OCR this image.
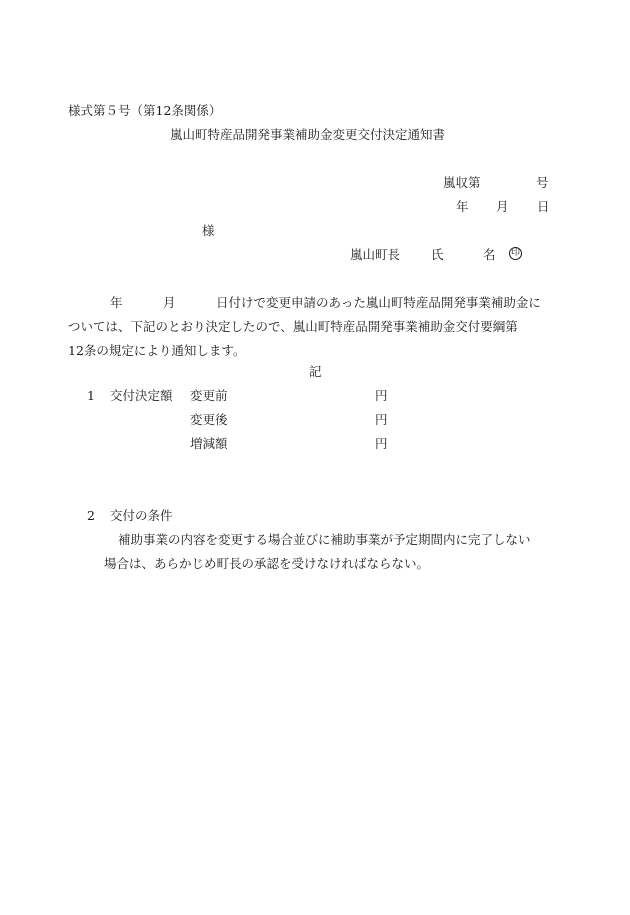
様式第５号（第12条関係）
嵐山町特産品開発事業補助金変更交付決定通知書
嵐収第	号
年 月 日
様
嵐山町長 氏	名 印
年	月	日付けで変更申請のあった嵐山町特産品開発事業補助金に
ついては、下記のとおり決定したので、嵐山町特産品開発事業補助金交付要綱第
12条の規定により通知します。
記
1 交付決定額 変更前	円
変更後	円
増減額	円
2 交付の条件
補助事業の内容を変更する場合並びに補助事業が予定期間内に完了しない
場合は、あらかじめ町長の承認を受けなければならない。
